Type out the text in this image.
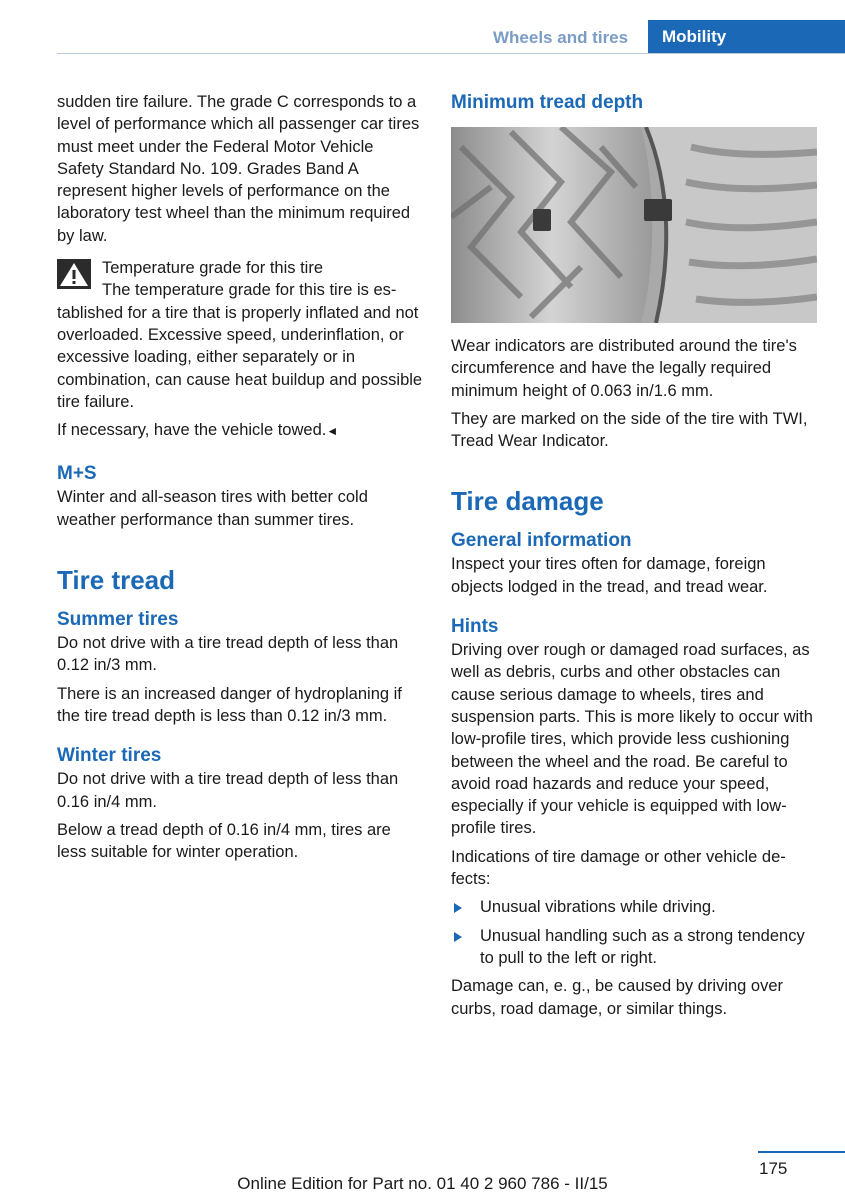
Wheels and tires	Mobility

sudden tire failure. The grade C corresponds to a level of performance which all passenger car tires must meet under the Federal Motor Vehicle Safety Standard No. 109. Grades Band A represent higher levels of performance on the laboratory test wheel than the minimum required by law.

Temperature grade for this tire

The temperature grade for this tire is established for a tire that is properly inflated and not overloaded. Excessive speed, underinflation, or excessive loading, either separately or in combination, can cause heat buildup and possible tire failure.

If necessary, have the vehicle towed.◄

M+S

Winter and all-season tires with better cold weather performance than summer tires.

Tire tread
Summer tires

Do not drive with a tire tread depth of less than 0.12 in/3 mm.

There is an increased danger of hydroplaning if the tire tread depth is less than 0.12 in/3 mm.

Winter tires

Do not drive with a tire tread depth of less than 0.16 in/4 mm.

Below a tread depth of 0.16 in/4 mm, tires are less suitable for winter operation.

Minimum tread depth

Wear indicators are distributed around the tire's circumference and have the legally required minimum height of 0.063 in/1.6 mm.

They are marked on the side of the tire with TWI, Tread Wear Indicator.

Tire damage
General information

Inspect your tires often for damage, foreign objects lodged in the tread, and tread wear.

Hints

Driving over rough or damaged road surfaces, as well as debris, curbs and other obstacles can cause serious damage to wheels, tires and suspension parts. This is more likely to occur with low-profile tires, which provide less cushioning between the wheel and the road. Be careful to avoid road hazards and reduce your speed, especially if your vehicle is equipped with low-profile tires.

Indications of tire damage or other vehicle defects:

Unusual vibrations while driving.
Unusual handling such as a strong tendency to pull to the left or right.

Damage can, e. g., be caused by driving over curbs, road damage, or similar things.

175
Online Edition for Part no. 01 40 2 960 786 - II/15
